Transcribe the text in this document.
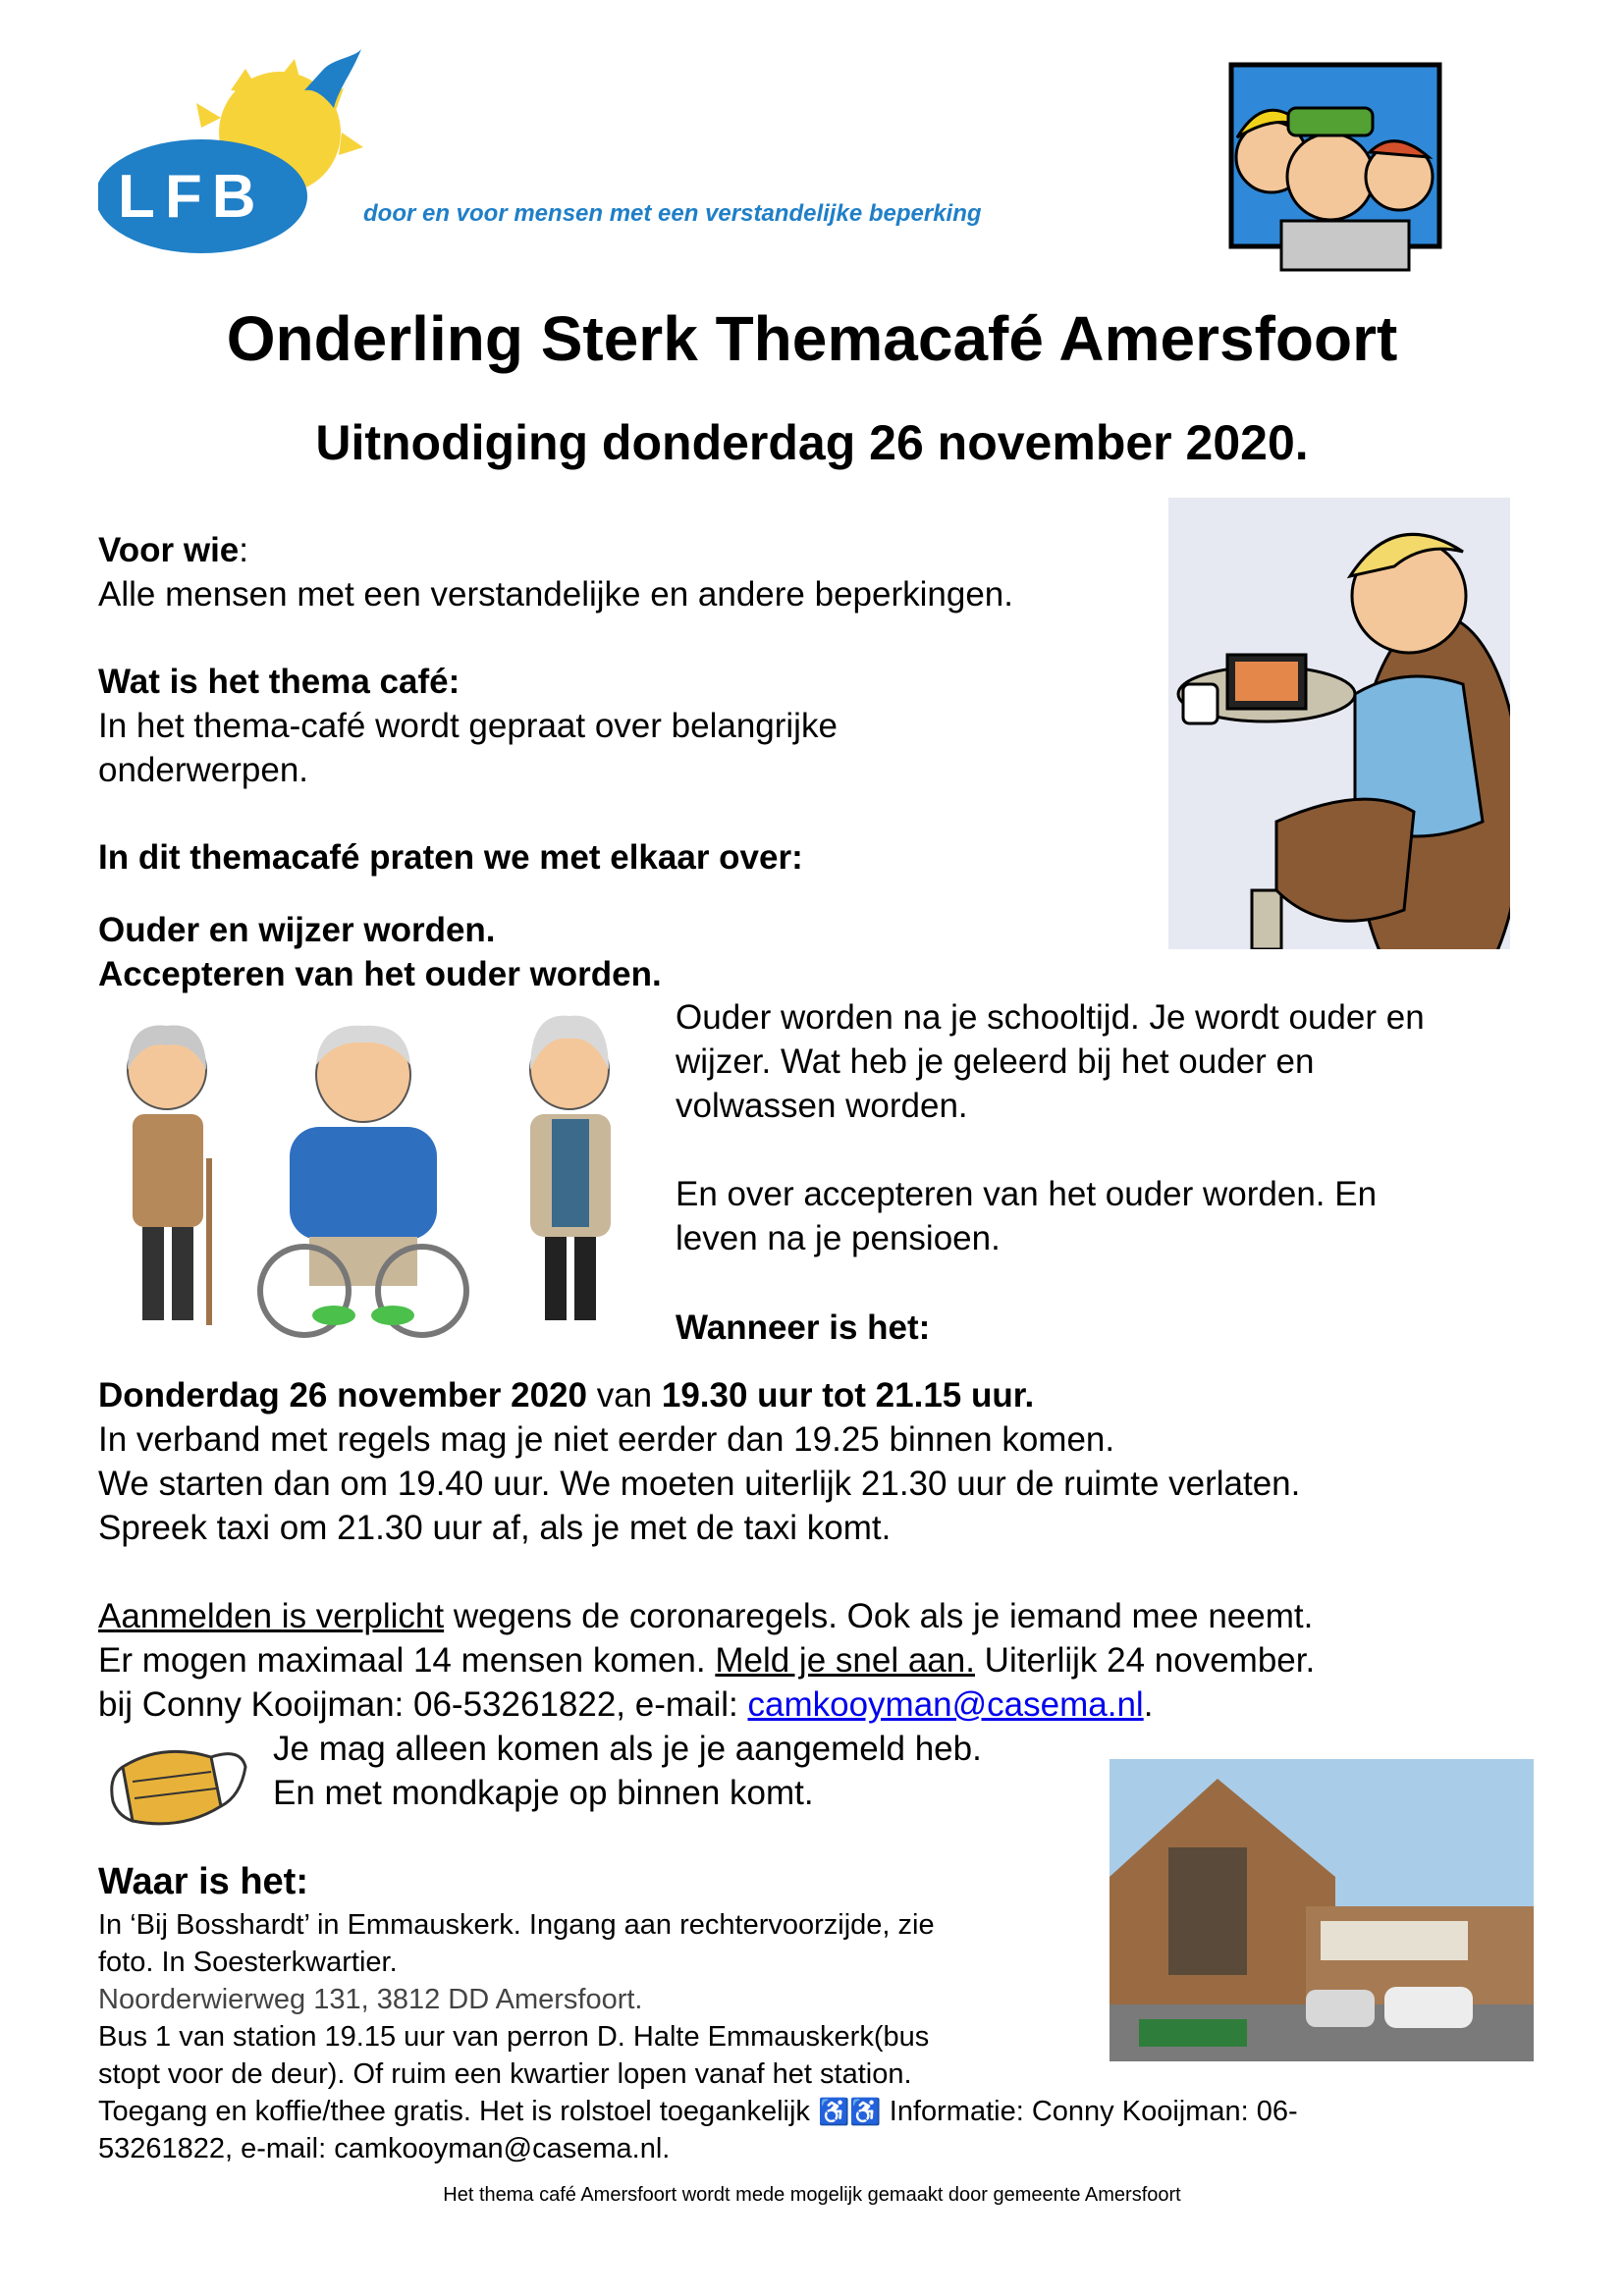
LFB	door en voor mensen met een verstandelijke beperking
Onderling Sterk Themacafé Amersfoort
Uitnodiging donderdag 26 november 2020.
Voor wie:
Alle mensen met een verstandelijke en andere beperkingen.
Wat is het thema café:
In het thema-café wordt gepraat over belangrijke
onderwerpen.
In dit themacafé praten we met elkaar over:
Ouder en wijzer worden.
Accepteren van het ouder worden.
Ouder worden na je schooltijd. Je wordt ouder en
wijzer. Wat heb je geleerd bij het ouder en
volwassen worden.
En over accepteren van het ouder worden. En
leven na je pensioen.
Wanneer is het:
Donderdag 26 november 2020 van 19.30 uur tot 21.15 uur.
In verband met regels mag je niet eerder dan 19.25 binnen komen.
We starten dan om 19.40 uur. We moeten uiterlijk 21.30 uur de ruimte verlaten.
Spreek taxi om 21.30 uur af, als je met de taxi komt.
Aanmelden is verplicht wegens de coronaregels. Ook als je iemand mee neemt.
Er mogen maximaal 14 mensen komen. Meld je snel aan. Uiterlijk 24 november.
bij Conny Kooijman: 06-53261822, e-mail: camkooyman@casema.nl.
Je mag alleen komen als je je aangemeld heb.
En met mondkapje op binnen komt.
Waar is het:
In ‘Bij Bosshardt’ in Emmauskerk. Ingang aan rechtervoorzijde, zie
foto. In Soesterkwartier.
Noorderwierweg 131, 3812 DD Amersfoort.
Bus 1 van station 19.15 uur van perron D. Halte Emmauskerk(bus
stopt voor de deur). Of ruim een kwartier lopen vanaf het station.
Toegang en koffie/thee gratis. Het is rolstoel toegankelijk ♿♿ Informatie: Conny Kooijman: 06-
53261822, e-mail: camkooyman@casema.nl.
Het thema café Amersfoort wordt mede mogelijk gemaakt door gemeente Amersfoort
